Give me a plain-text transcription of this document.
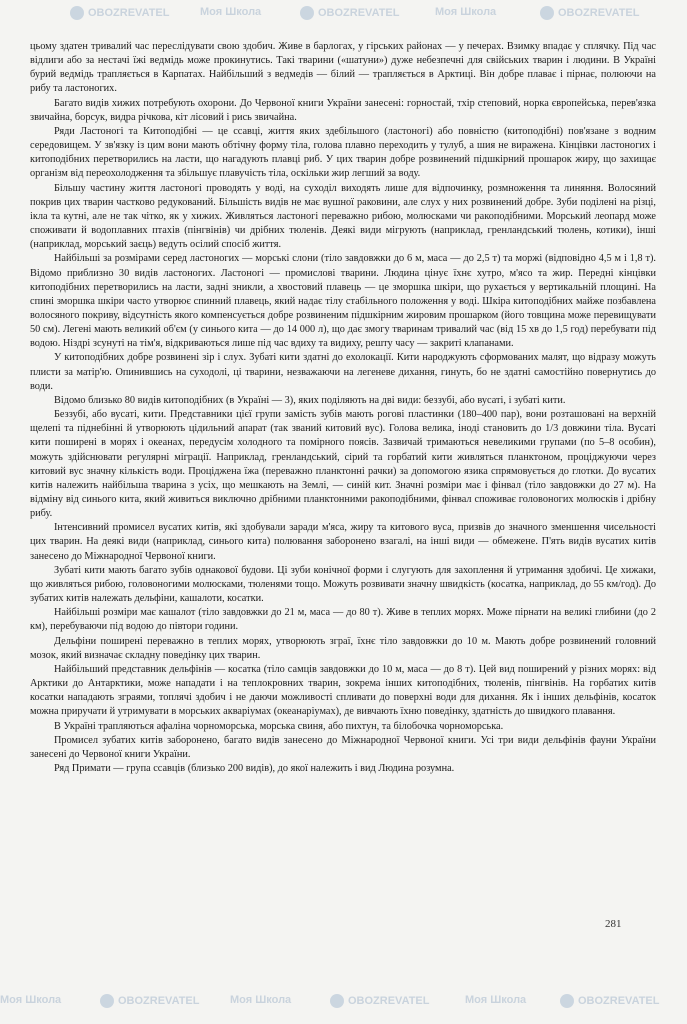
OBOZREVATEL	Моя Школа	OBOZREVATEL	Моя Школа	OBOZREVATEL

цьому здатен тривалий час переслідувати свою здобич. Живе в барлогах, у гірських районах — у печерах. Взимку впадає у сплячку. Під час відлиги або за нестачі їжі ведмідь може прокинутись. Такі тварини («шатуни») дуже небезпечні для свійських тварин і людини. В Україні бурий ведмідь трапляється в Карпатах. Найбільший з ведмедів — білий — трапляється в Арктиці. Він добре плаває і пірнає, полюючи на рибу та ластоногих.

Багато видів хижих потребують охорони. До Червоної книги України занесені: горностай, тхір степовий, норка європейська, перев'язка звичайна, борсук, видра річкова, кіт лісовий і рись звичайна.

Ряди Ластоногі та Китоподібні — це ссавці, життя яких здебільшого (ластоногі) або повністю (китоподібні) пов'язане з водним середовищем. У зв'язку із цим вони мають обтічну форму тіла, голова плавно переходить у тулуб, а шия не виражена. Кінцівки ластоногих і китоподібних перетворились на ласти, що нагадують плавці риб. У цих тварин добре розвинений підшкірний прошарок жиру, що захищає організм від переохолодження та збільшує плавучість тіла, оскільки жир легший за воду.

Більшу частину життя ластоногі проводять у воді, на суходіл виходять лише для відпочинку, розмноження та линяння. Волосяний покрив цих тварин частково редукований. Більшість видів не має вушної раковини, але слух у них розвинений добре. Зуби поділені на різці, ікла та кутні, але не так чітко, як у хижих. Живляться ластоногі переважно рибою, молюсками чи ракоподібними. Морський леопард може споживати й водоплавних птахів (пінгвінів) чи дрібних тюленів. Деякі види мігрують (наприклад, гренландський тюлень, котики), інші (наприклад, морський заєць) ведуть осілий спосіб життя.

Найбільші за розмірами серед ластоногих — морські слони (тіло завдовжки до 6 м, маса — до 2,5 т) та моржі (відповідно 4,5 м і 1,8 т). Відомо приблизно 30 видів ластоногих. Ластоногі — промислові тварини. Людина цінує їхнє хутро, м'ясо та жир. Передні кінцівки китоподібних перетворились на ласти, задні зникли, а хвостовий плавець — це зморшка шкіри, що рухається у вертикальній площині. На спині зморшка шкіри часто утворює спинний плавець, який надає тілу стабільного положення у воді. Шкіра китоподібних майже позбавлена волосяного покриву, відсутність якого компенсується добре розвиненим підшкірним жировим прошарком (його товщина може перевищувати 50 см). Легені мають великий об'єм (у синього кита — до 14 000 л), що дає змогу тваринам тривалий час (від 15 хв до 1,5 год) перебувати під водою. Ніздрі зсунуті на тім'я, відкриваються лише під час вдиху та видиху, решту часу — закриті клапанами.

У китоподібних добре розвинені зір і слух. Зубаті кити здатні до ехолокації. Кити народжують сформованих малят, що відразу можуть плисти за матір'ю. Опинившись на суходолі, ці тварини, незважаючи на легеневе дихання, гинуть, бо не здатні самостійно повернутись до води.

Відомо близько 80 видів китоподібних (в Україні — 3), яких поділяють на дві види: беззубі, або вусаті, і зубаті кити.

Беззубі, або вусаті, кити. Представники цієї групи замість зубів мають рогові пластинки (180–400 пар), вони розташовані на верхній щелепі та піднебінні й утворюють цідильний апарат (так званий китовий вус). Голова велика, іноді становить до 1/3 довжини тіла. Вусаті кити поширені в морях і океанах, передусім холодного та помірного поясів. Зазвичай тримаються невеликими групами (по 5–8 особин), можуть здійснювати регулярні міграції. Наприклад, гренландський, сірий та горбатий кити живляться планктоном, проціджуючи через китовий вус значну кількість води. Проціджена їжа (переважно планктонні рачки) за допомогою язика спрямовується до глотки. До вусатих китів належить найбільша тварина з усіх, що мешкають на Землі, — синій кит. Значні розміри має і фінвал (тіло завдовжки до 27 м). На відміну від синього кита, який живиться виключно дрібними планктонними ракоподібними, фінвал споживає головоногих молюсків і дрібну рибу.

Інтенсивний промисел вусатих китів, які здобували заради м'яса, жиру та китового вуса, призвів до значного зменшення чисельності цих тварин. На деякі види (наприклад, синього кита) полювання заборонено взагалі, на інші види — обмежене. П'ять видів вусатих китів занесено до Міжнародної Червоної книги.

Зубаті кити мають багато зубів однакової будови. Ці зуби конічної форми і слугують для захоплення й утримання здобичі. Це хижаки, що живляться рибою, головоногими молюсками, тюленями тощо. Можуть розвивати значну швидкість (косатка, наприклад, до 55 км/год). До зубатих китів належать дельфіни, кашалоти, косатки.

Найбільші розміри має кашалот (тіло завдовжки до 21 м, маса — до 80 т). Живе в теплих морях. Може пірнати на великі глибини (до 2 км), перебуваючи під водою до півтори години.

Дельфіни поширені переважно в теплих морях, утворюють зграї, їхнє тіло завдовжки до 10 м. Мають добре розвинений головний мозок, який визначає складну поведінку цих тварин.

Найбільший представник дельфінів — косатка (тіло самців завдовжки до 10 м, маса — до 8 т). Цей вид поширений у різних морях: від Арктики до Антарктики, може нападати і на теплокровних тварин, зокрема інших китоподібних, тюленів, пінгвінів. На горбатих китів косатки нападають зграями, топлячі здобич і не даючи можливості спливати до поверхні води для дихання. Як і інших дельфінів, косаток можна приручати й утримувати в морських акваріумах (океанаріумах), де вивчають їхню поведінку, здатність до швидкого плавання.

В Україні трапляються афаліна чорноморська, морська свиня, або пихтун, та білобочка чорноморська.

Промисел зубатих китів заборонено, багато видів занесено до Міжнародної Червоної книги. Усі три види дельфінів фауни України занесені до Червоної книги України.

Ряд Примати — група ссавців (близько 200 видів), до якої належить і вид Людина розумна.

281
Моя Школа	OBOZREVATEL	Моя Школа	OBOZREVATEL	Моя Школа	OBOZREVATEL
